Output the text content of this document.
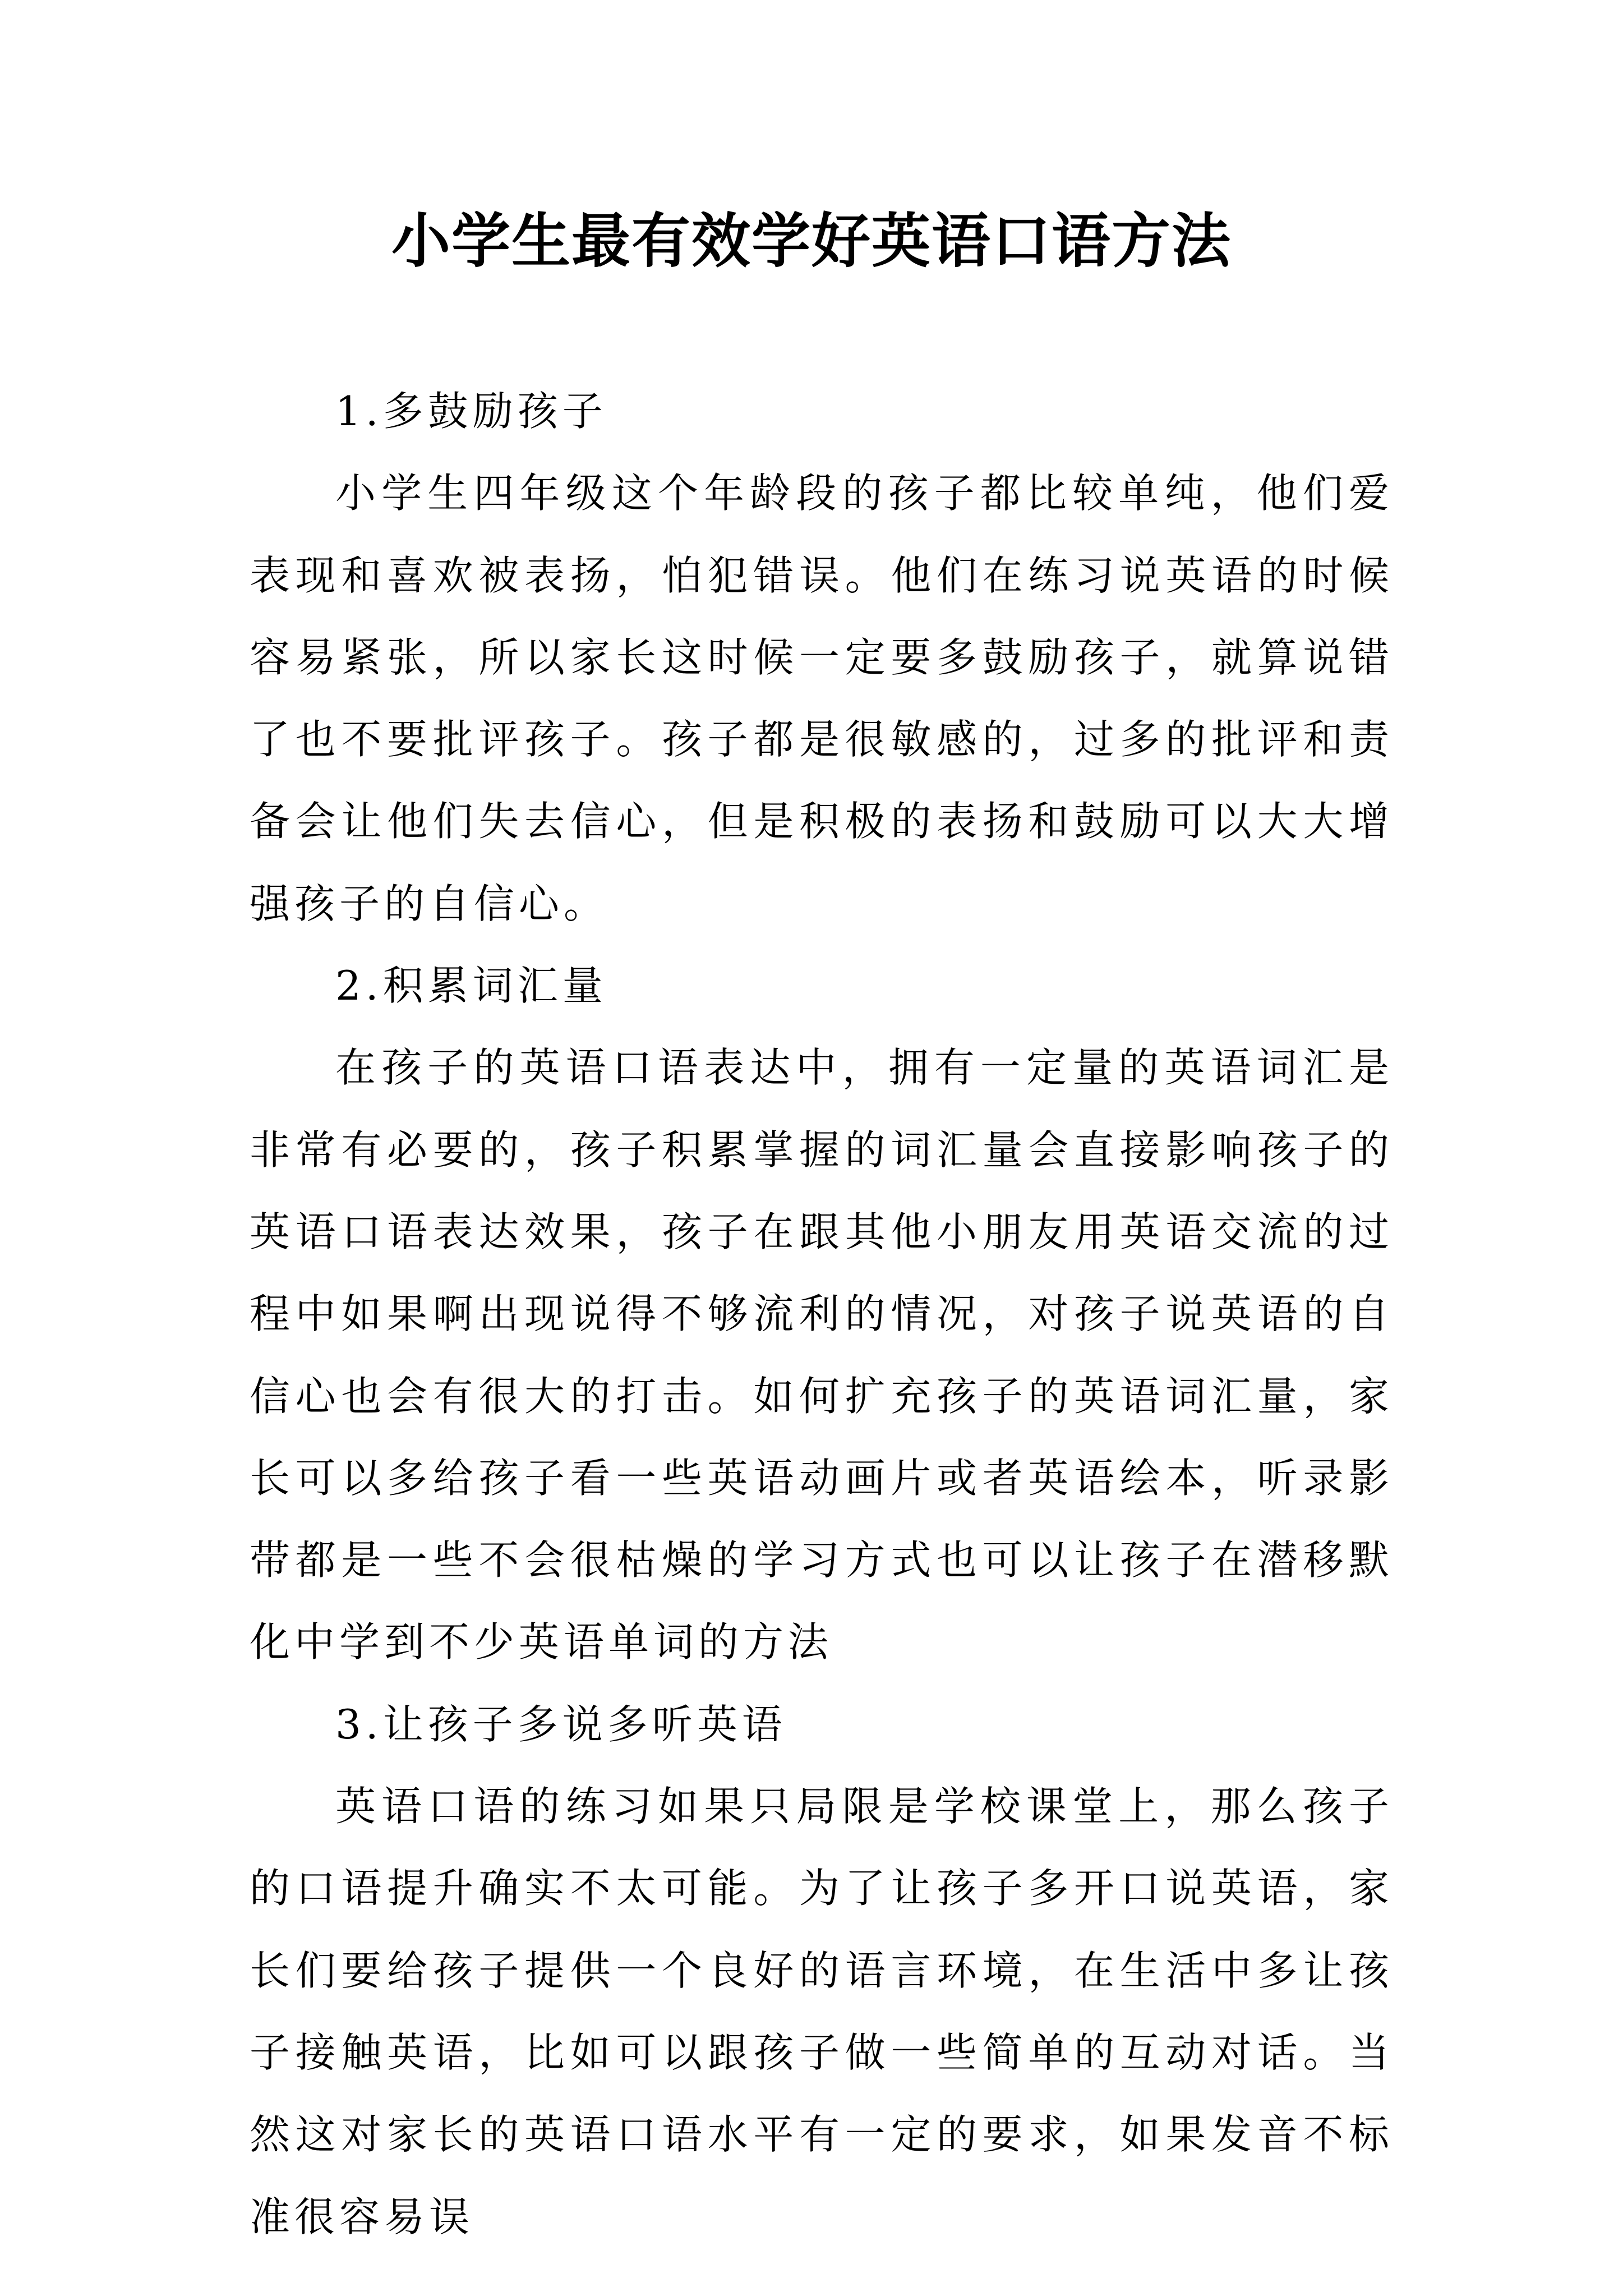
小学生最有效学好英语口语方法

1.多鼓励孩子

小学生四年级这个年龄段的孩子都比较单纯，他们爱表现和喜欢被表扬，怕犯错误。他们在练习说英语的时候容易紧张，所以家长这时候一定要多鼓励孩子，就算说错了也不要批评孩子。孩子都是很敏感的，过多的批评和责备会让他们失去信心，但是积极的表扬和鼓励可以大大增强孩子的自信心。

2.积累词汇量

在孩子的英语口语表达中，拥有一定量的英语词汇是非常有必要的，孩子积累掌握的词汇量会直接影响孩子的英语口语表达效果，孩子在跟其他小朋友用英语交流的过程中如果啊出现说得不够流利的情况，对孩子说英语的自信心也会有很大的打击。如何扩充孩子的英语词汇量，家长可以多给孩子看一些英语动画片或者英语绘本，听录影带都是一些不会很枯燥的学习方式也可以让孩子在潜移默化中学到不少英语单词的方法

3.让孩子多说多听英语

英语口语的练习如果只局限是学校课堂上，那么孩子的口语提升确实不太可能。为了让孩子多开口说英语，家长们要给孩子提供一个良好的语言环境，在生活中多让孩子接触英语，比如可以跟孩子做一些简单的互动对话。当然这对家长的英语口语水平有一定的要求，如果发音不标准很容易误
